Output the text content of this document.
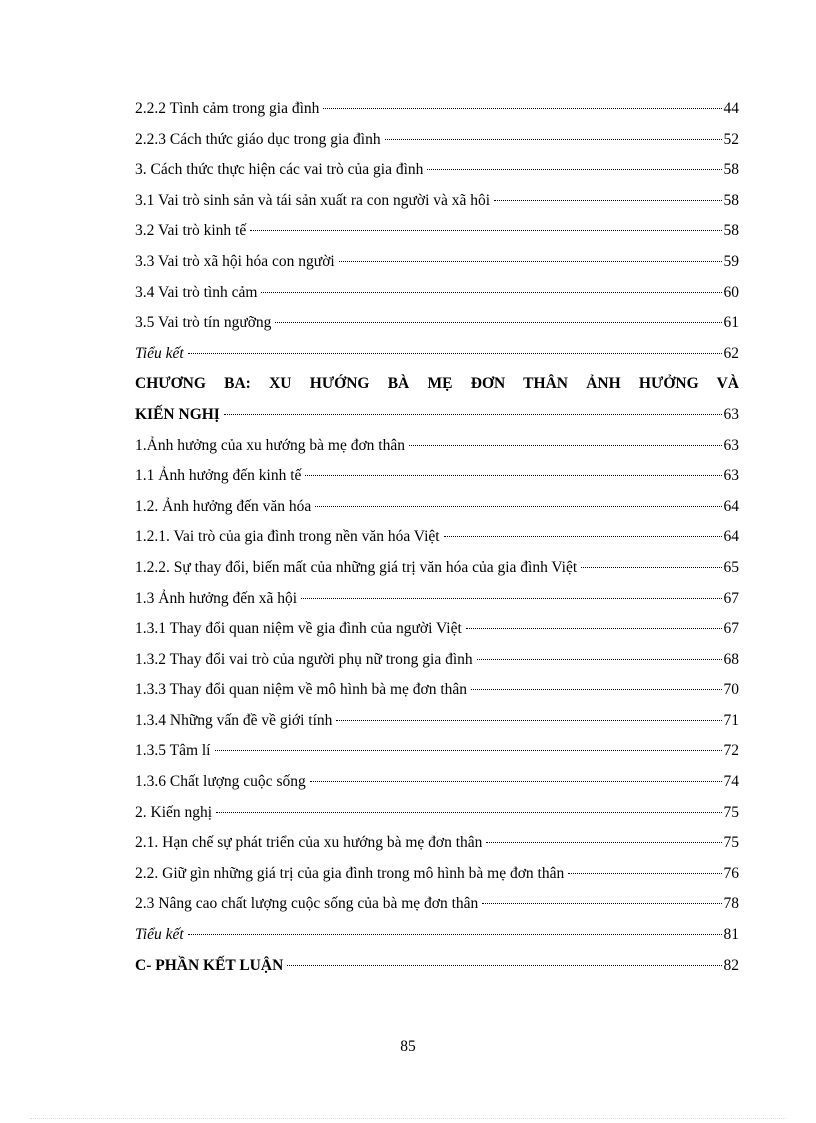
2.2.2 Tình cảm trong gia đình	44
2.2.3 Cách thức giáo dục trong gia đình	52
3. Cách thức thực hiện các vai trò của gia đình	58
3.1 Vai trò sinh sản và tái sản xuất ra con người và xã hôi	58
3.2 Vai trò kinh tế	58
3.3 Vai trò xã hội hóa con người	59
3.4 Vai trò tình cảm	60
3.5 Vai trò tín ngưỡng	61
Tiểu kết	62
CHƯƠNG BA: XU HƯỚNG BÀ MẸ ĐƠN THÂN ẢNH HƯỞNG VÀ
KIẾN NGHỊ	63
1.Ảnh hưởng của xu hướng bà mẹ đơn thân	63
1.1 Ảnh hưởng đến kinh tế	63
1.2. Ảnh hưởng đến văn hóa	64
1.2.1. Vai trò của gia đình trong nền văn hóa Việt	64
1.2.2. Sự thay đổi, biến mất của những giá trị văn hóa của gia đình Việt	65
1.3 Ảnh hưởng đến xã hội	67
1.3.1 Thay đổi quan niệm về gia đình của người Việt	67
1.3.2 Thay đổi vai trò của người phụ nữ trong gia đình	68
1.3.3 Thay đổi quan niệm về mô hình bà mẹ đơn thân	70
1.3.4 Những vấn đề về giới tính	71
1.3.5 Tâm lí	72
1.3.6 Chất lượng cuộc sống	74
2. Kiến nghị	75
2.1. Hạn chế sự phát triển của xu hướng bà mẹ đơn thân	75
2.2. Giữ gìn những giá trị của gia đình trong mô hình bà mẹ đơn thân	76
2.3 Nâng cao chất lượng cuộc sống của bà mẹ đơn thân	78
Tiểu kết	81
C- PHẦN KẾT LUẬN	82
85
